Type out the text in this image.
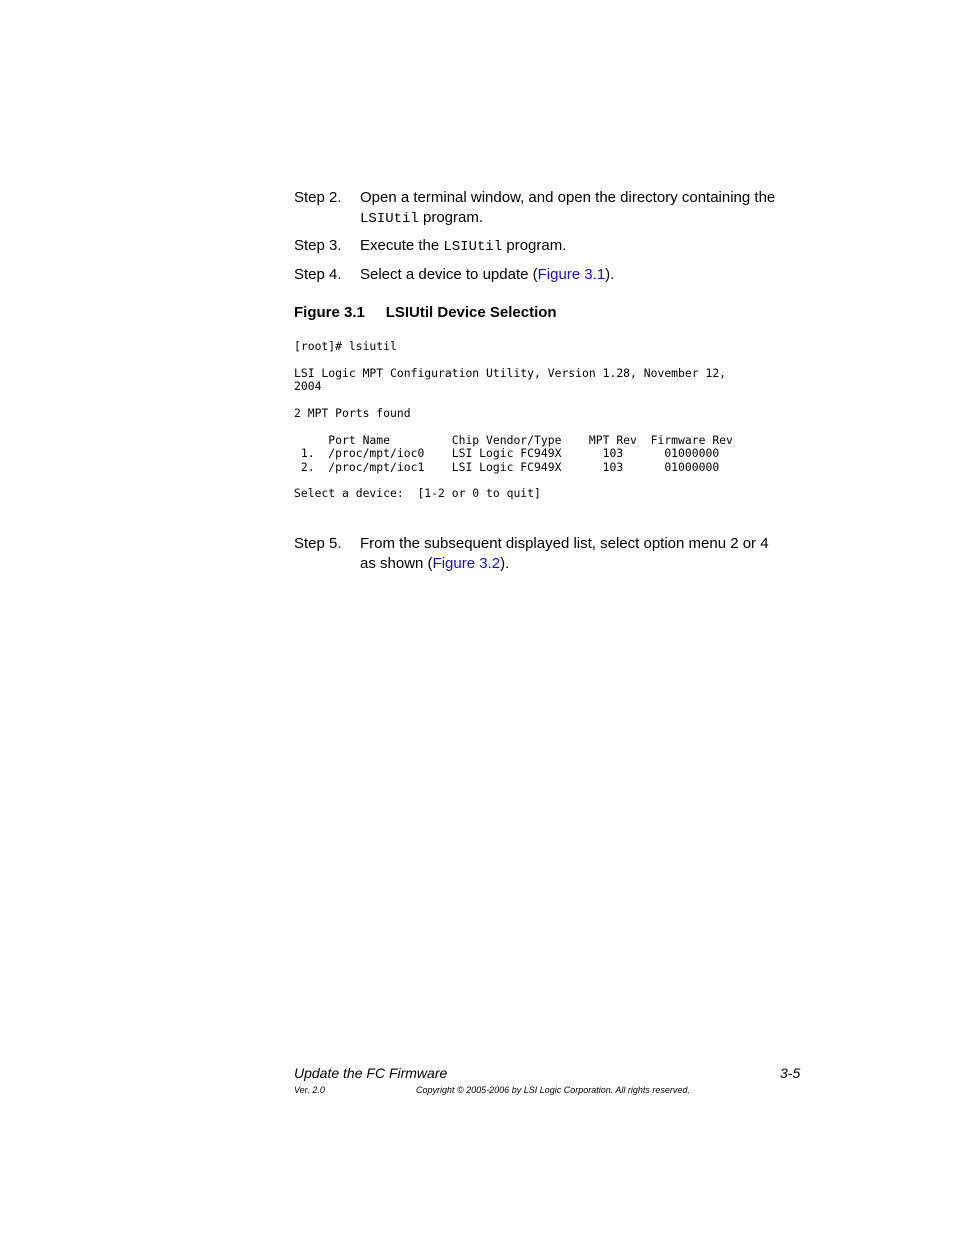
Step 2. Open a terminal window, and open the directory containing the
LSIUtil program.
Step 3. Execute the LSIUtil program.
Step 4. Select a device to update (Figure 3.1).
Figure 3.1     LSIUtil Device Selection
[root]# lsiutil

LSI Logic MPT Configuration Utility, Version 1.28, November 12,
2004

2 MPT Ports found

Port Name         Chip Vendor/Type    MPT Rev  Firmware Rev
1.  /proc/mpt/ioc0    LSI Logic FC949X      103      01000000
2.  /proc/mpt/ioc1    LSI Logic FC949X      103      01000000

Select a device:  [1-2 or 0 to quit]
Step 5. From the subsequent displayed list, select option menu 2 or 4
as shown (Figure 3.2).
Update the FC Firmware	3-5
Ver. 2.0	Copyright © 2005-2006 by LSI Logic Corporation. All rights reserved.
